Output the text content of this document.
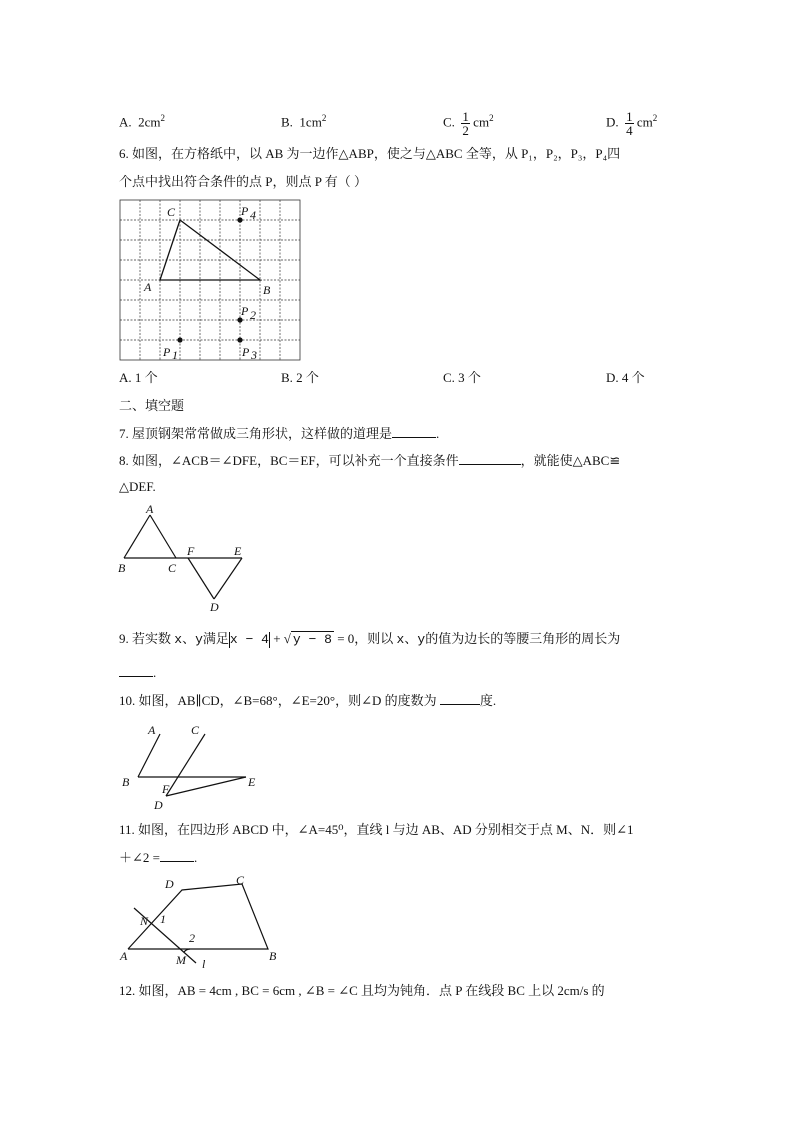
A. $2cm^2$	B. $1cm^2$	C. $\frac{1}{2} cm^2$	D. $\frac{1}{4} cm^2$
6. 如图，在方格纸中，以 AB 为一边作△ABP，使之与△ABC 全等，从 P₁，P₂，P₃，P₄四
个点中找出符合条件的点 P，则点 P 有（ ）
C
A	B
P 4
P 2
P 1	P 3
A. 1 个	B. 2 个	C. 3 个	D. 4 个
二、填空题
7. 屋顶钢架常常做成三角形状，这样做的道理是	.
8. 如图，∠ACB＝∠DFE，BC＝EF，可以补充一个直接条件	，就能使△ABC≌
△DEF.
A
B	C
F	E
D
9. 若实数 x、y满足x − 4 + √ y − 8 = 0，则以 x、y的值为边长的等腰三角形的周长为
.
10. 如图，AB∥CD，∠B=68°，∠E=20°，则∠D 的度数为	度.
A	C
B	F	E
D
11. 如图，在四边形 ABCD 中，∠A=45⁰，直线 l 与边 AB、AD 分别相交于点 M、N．则∠1
＋∠2 =	.
D	C
N 1
2
A	M l
B
12. 如图，AB = 4cm , BC = 6cm , ∠B = ∠C 且均为钝角．点 P 在线段 BC 上以 2cm/s 的
